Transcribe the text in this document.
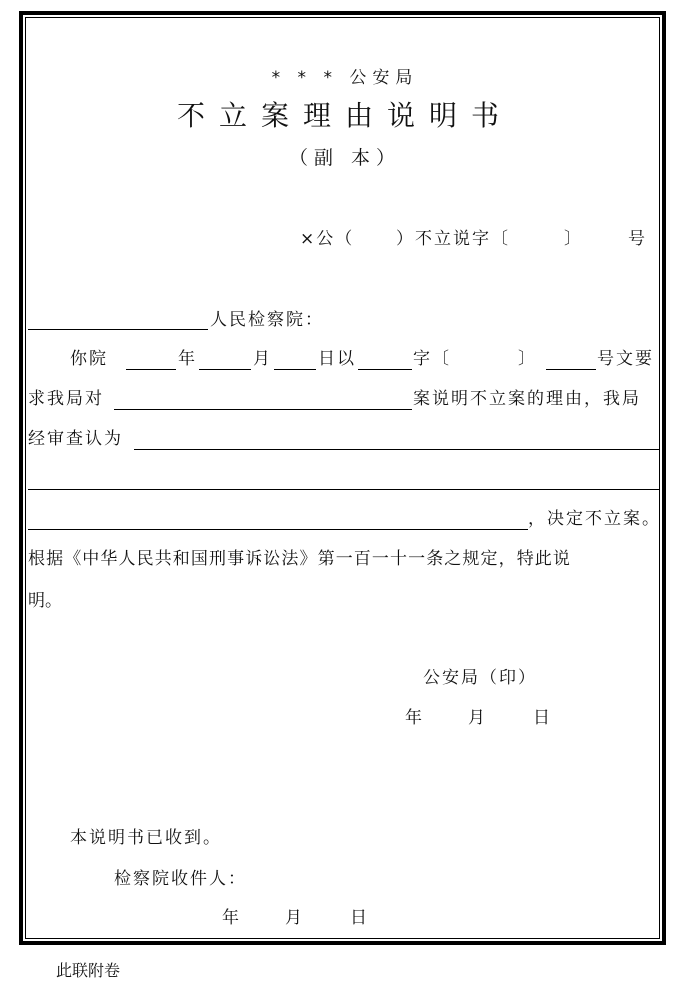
* * * 公安局
不立案理由说明书
（副 本）
×公（ ）不立说字〔	〕	号
人民检察院：
你院	年	月	日以	字〔	〕	号文要
求我局对	案说明不立案的理由，我局
经审查认为
，决定不立案。
根据《中华人民共和国刑事诉讼法》第一百一十一条之规定，特此说
明。
公安局（印）
年	月	日
本说明书已收到。
检察院收件人：
年	月	日
此联附卷
